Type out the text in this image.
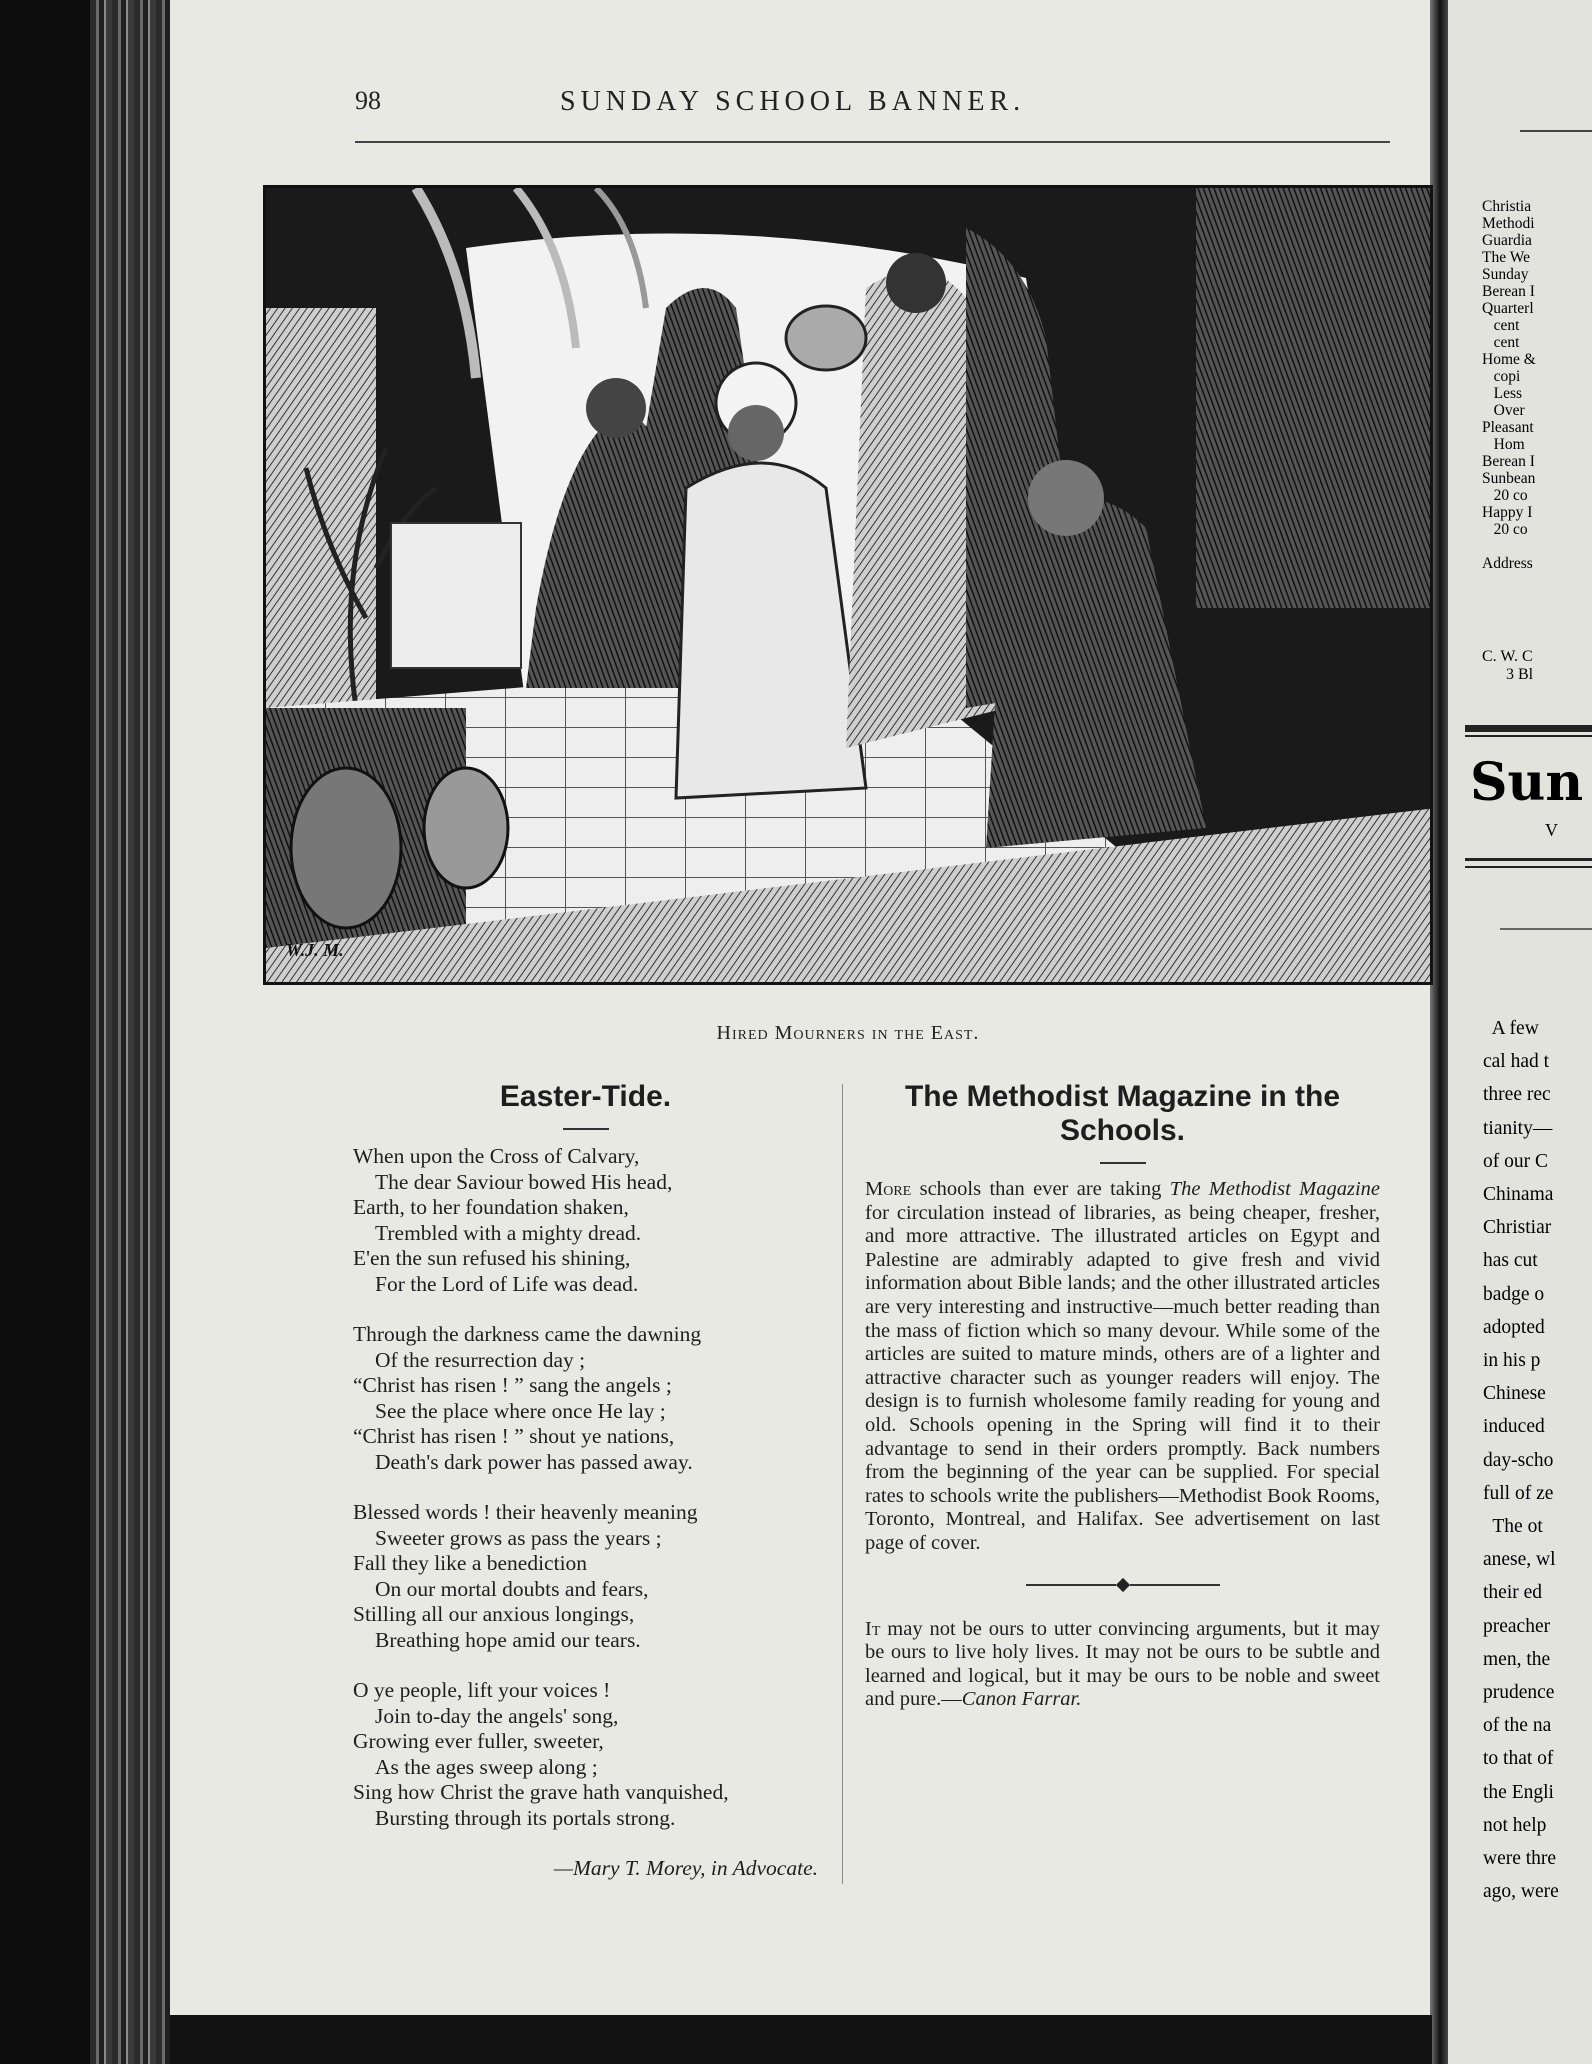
98	SUNDAY SCHOOL BANNER.
W.J. M.
Hired Mourners in the East.
Easter-Tide.
When upon the Cross of Calvary,
The dear Saviour bowed His head,
Earth, to her foundation shaken,
Trembled with a mighty dread.
E'en the sun refused his shining,
For the Lord of Life was dead.
Through the darkness came the dawning
Of the resurrection day ;
“Christ has risen ! ” sang the angels ;
See the place where once He lay ;
“Christ has risen ! ” shout ye nations,
Death's dark power has passed away.
Blessed words ! their heavenly meaning
Sweeter grows as pass the years ;
Fall they like a benediction
On our mortal doubts and fears,
Stilling all our anxious longings,
Breathing hope amid our tears.
O ye people, lift your voices !
Join to-day the angels' song,
Growing ever fuller, sweeter,
As the ages sweep along ;
Sing how Christ the grave hath vanquished,
Bursting through its portals strong.
—Mary T. Morey, in Advocate.
The Methodist Magazine in the
Schools.

More schools than ever are taking The Methodist Magazine for circulation instead of libraries, as being cheaper, fresher, and more attractive. The illustrated articles on Egypt and Palestine are admirably adapted to give fresh and vivid information about Bible lands; and the other illustrated articles are very interesting and instructive—much better reading than the mass of fiction which so many devour. While some of the articles are suited to mature minds, others are of a lighter and attractive character such as younger readers will enjoy. The design is to furnish wholesome family reading for young and old. Schools opening in the Spring will find it to their advantage to send in their orders promptly. Back numbers from the beginning of the year can be supplied. For special rates to schools write the publishers—Methodist Book Rooms, Toronto, Montreal, and Halifax. See advertisement on last page of cover.

It may not be ours to utter convincing arguments, but it may be ours to live holy lives. It may not be ours to be subtle and learned and logical, but it may be ours to be noble and sweet and pure.—Canon Farrar.

Christia
Methodi
Guardia
The We
Sunday
Berean I
Quarterl
cent
cent
Home &
copi
Less
Over
Pleasant
Hom
Berean I
Sunbean
20 co
Happy I
20 co

Address
C. W. C
3 Bl
Sun
V
A few
cal had t
three rec
tianity—
of our C
Chinama
Christiar
has cut
badge o
adopted
in his p
Chinese
induced
day-scho
full of ze
The ot
anese, wl
their ed
preacher
men, the
prudence
of the na
to that of
the Engli
not help
were thre
ago, were
